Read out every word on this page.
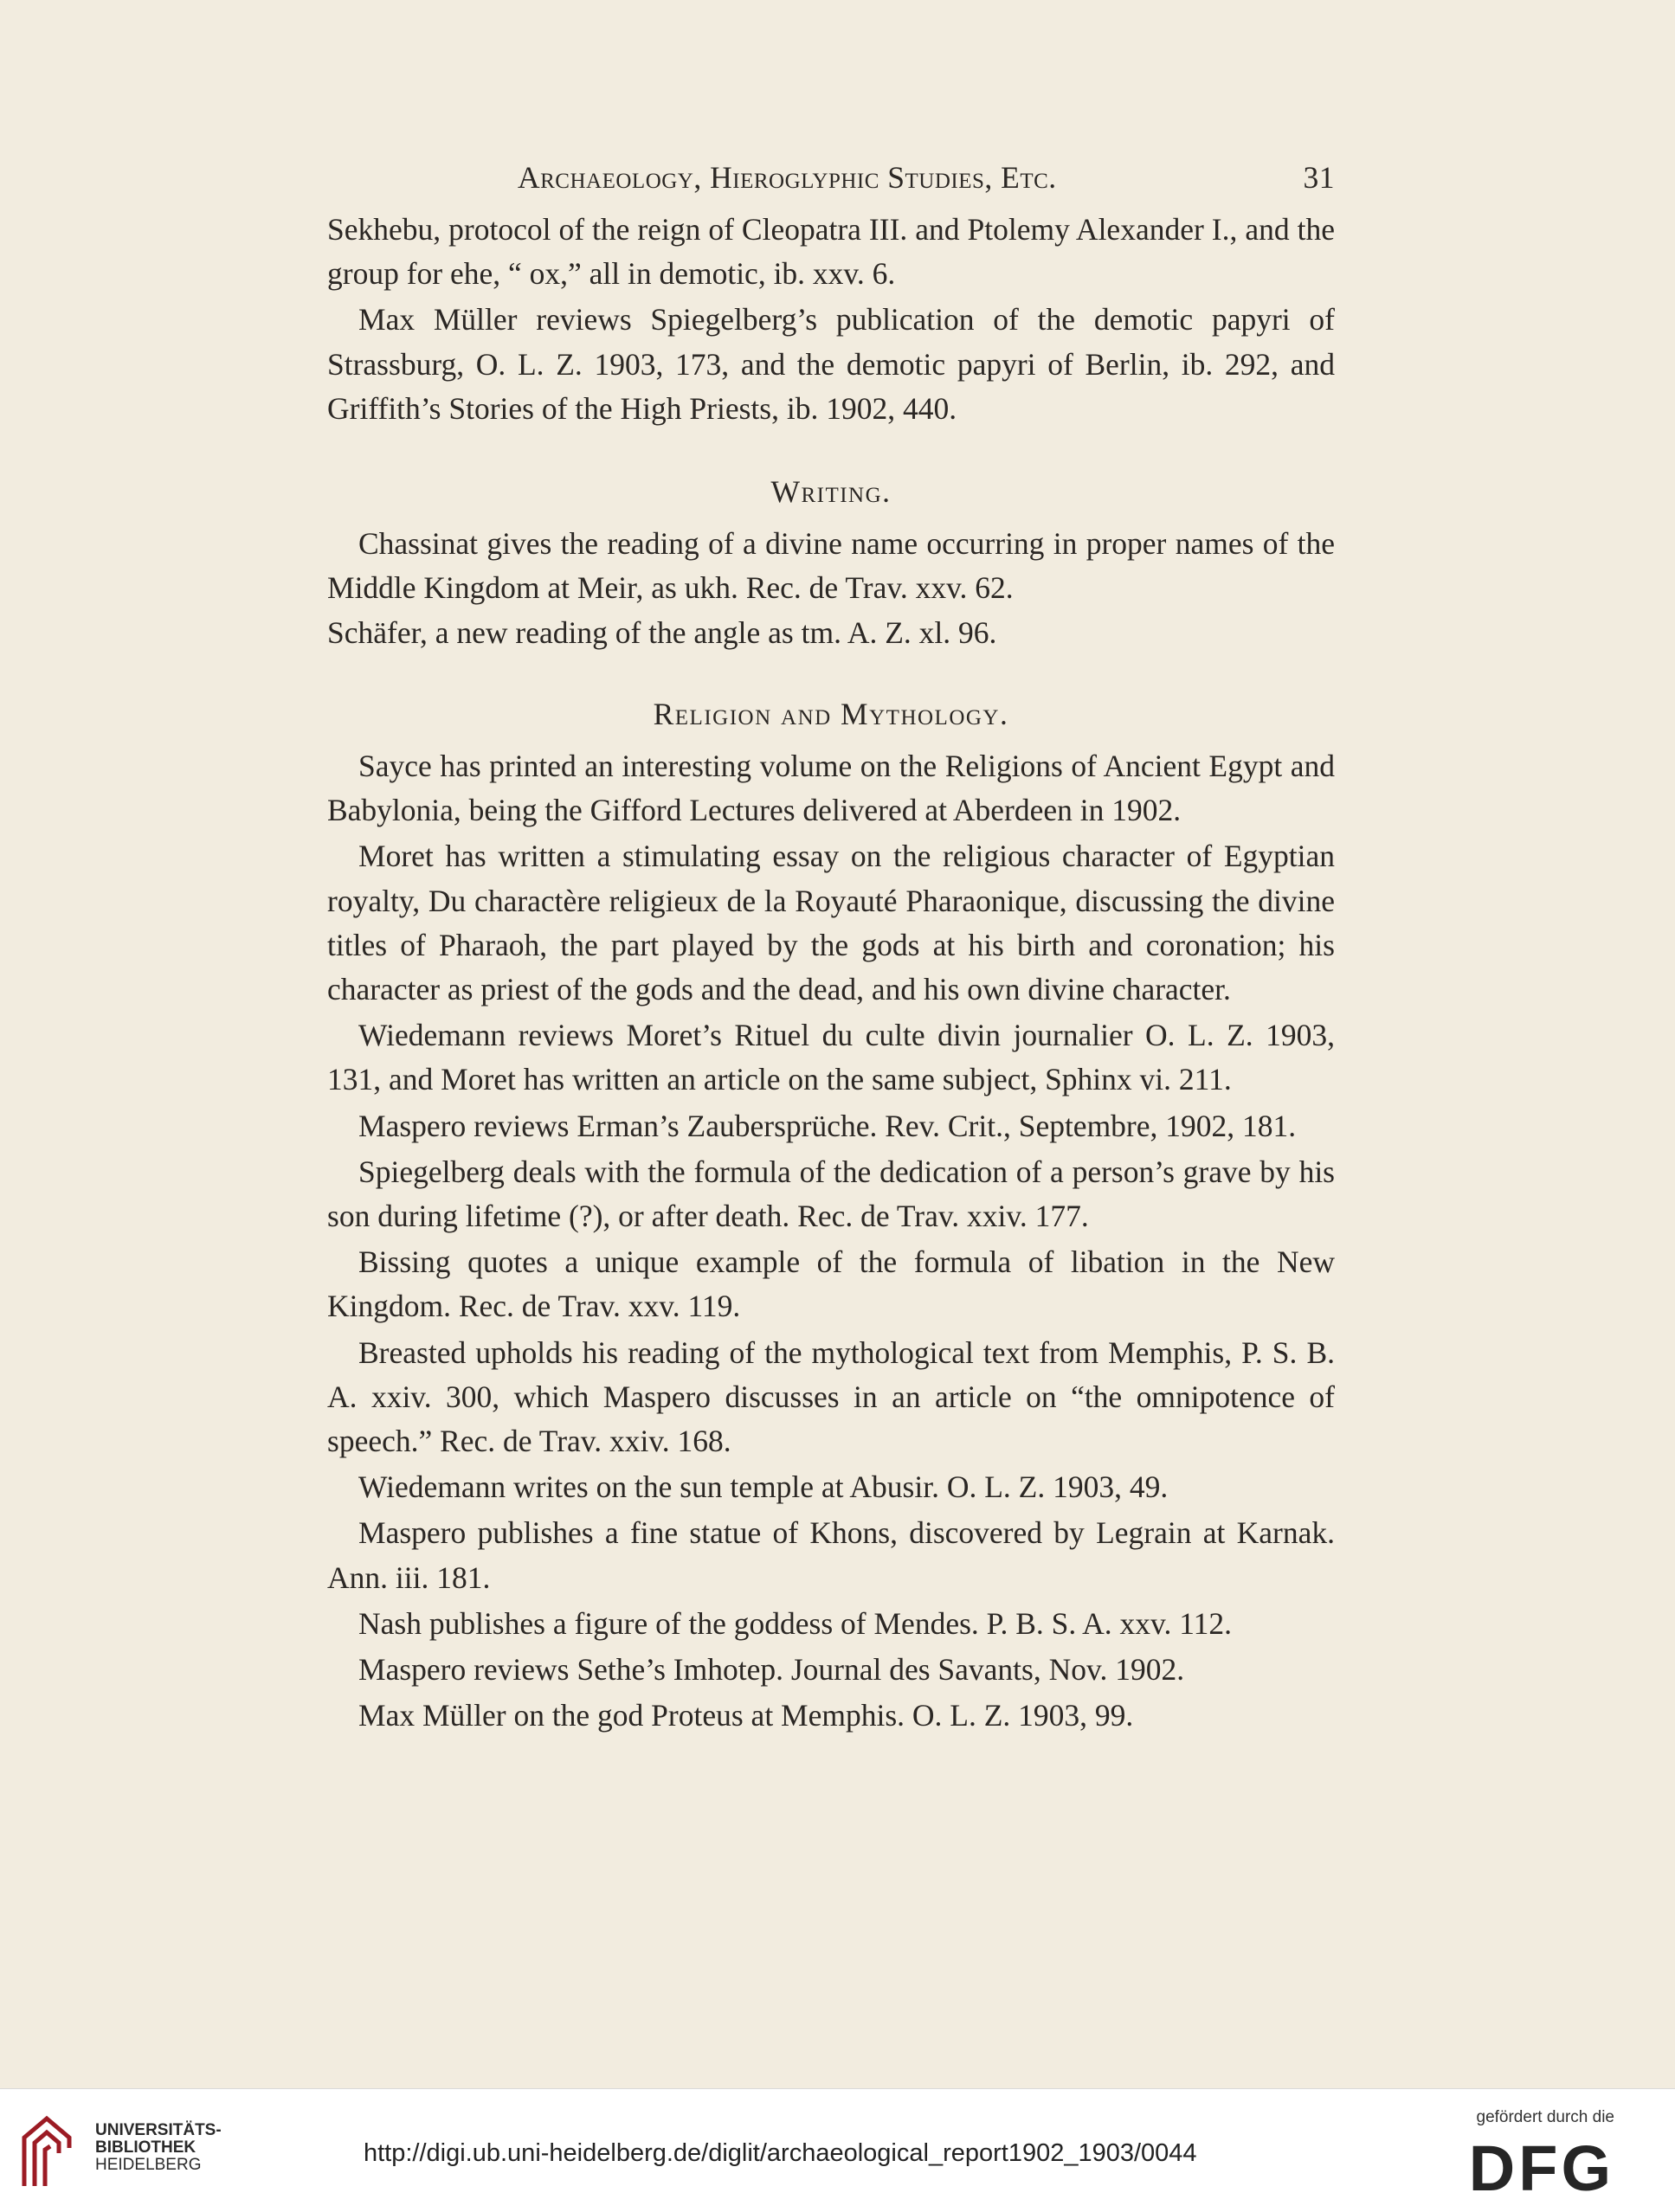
Archaeology, Hieroglyphic Studies, Etc.	31

Sekhebu, protocol of the reign of Cleopatra III. and Ptolemy Alexander I., and the group for ehe, “ ox,” all in demotic, ib. xxv. 6.

Max Müller reviews Spiegelberg’s publication of the demotic papyri of Strassburg, O. L. Z. 1903, 173, and the demotic papyri of Berlin, ib. 292, and Griffith’s Stories of the High Priests, ib. 1902, 440.

Writing.

Chassinat gives the reading of a divine name occurring in proper names of the Middle Kingdom at Meir, as ukh. Rec. de Trav. xxv. 62.

Schäfer, a new reading of the angle as tm. A. Z. xl. 96.

Religion and Mythology.

Sayce has printed an interesting volume on the Religions of Ancient Egypt and Babylonia, being the Gifford Lectures delivered at Aberdeen in 1902.

Moret has written a stimulating essay on the religious character of Egyptian royalty, Du charactère religieux de la Royauté Pharaonique, discussing the divine titles of Pharaoh, the part played by the gods at his birth and coronation; his character as priest of the gods and the dead, and his own divine character.

Wiedemann reviews Moret’s Rituel du culte divin journalier O. L. Z. 1903, 131, and Moret has written an article on the same subject, Sphinx vi. 211.

Maspero reviews Erman’s Zaubersprüche. Rev. Crit., Septembre, 1902, 181.

Spiegelberg deals with the formula of the dedication of a person’s grave by his son during lifetime (?), or after death. Rec. de Trav. xxiv. 177.

Bissing quotes a unique example of the formula of libation in the New Kingdom. Rec. de Trav. xxv. 119.

Breasted upholds his reading of the mythological text from Memphis, P. S. B. A. xxiv. 300, which Maspero discusses in an article on “the omnipotence of speech.” Rec. de Trav. xxiv. 168.

Wiedemann writes on the sun temple at Abusir. O. L. Z. 1903, 49.

Maspero publishes a fine statue of Khons, discovered by Legrain at Karnak. Ann. iii. 181.

Nash publishes a figure of the goddess of Mendes. P. B. S. A. xxv. 112.

Maspero reviews Sethe’s Imhotep. Journal des Savants, Nov. 1902.

Max Müller on the god Proteus at Memphis. O. L. Z. 1903, 99.

UNIVERSITÄTS-
BIBLIOTHEK
HEIDELBERG	http://digi.ub.uni-heidelberg.de/diglit/archaeological_report1902_1903/0044
gefördert durch die
DFG
